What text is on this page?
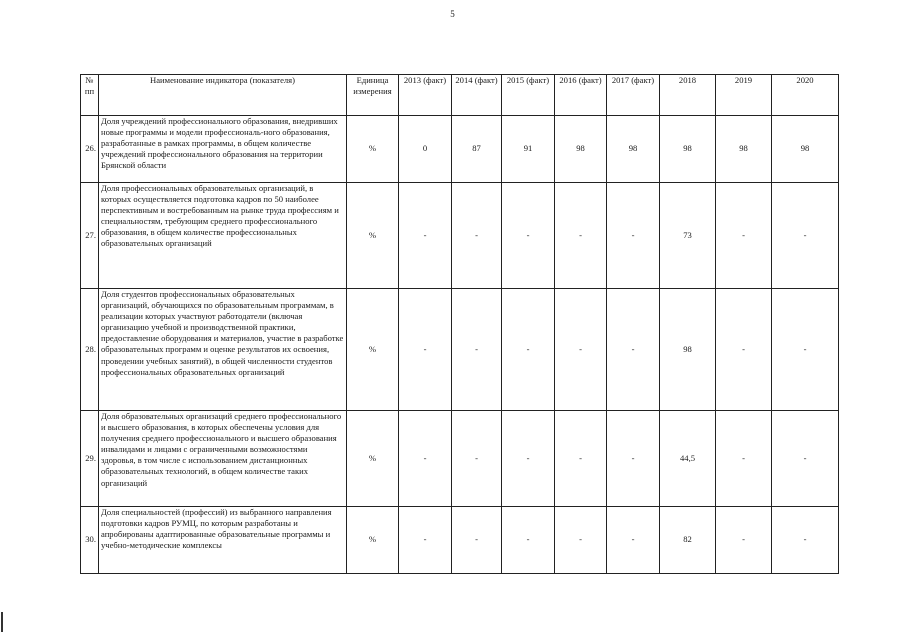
5
№ пп	Наименование индикатора (показателя)	Единица измерения	2013 (факт)	2014 (факт)	2015 (факт)	2016 (факт)	2017 (факт)	2018	2019	2020
26.	Доля учреждений профессионального образования, внедривших новые программы и модели профессиональ-ного образования, разработанные в рамках программы, в общем количестве учреждений профессионального образования на территории Брянской области	%	0	87	91	98	98	98	98	98
27.	Доля профессиональных образовательных организаций, в которых осуществляется подготовка кадров по 50 наиболее перспективным и востребованным на рынке труда профессиям и специальностям, требующим среднего профессионального образования, в общем количестве профессиональных образовательных организаций	%	-	-	-	-	-	73	-	-
28.	Доля студентов профессиональных образовательных организаций, обучающихся по образовательным программам, в реализации которых участвуют работодатели (включая организацию учебной и производственной практики, предоставление оборудования и материалов, участие в разработке образовательных программ и оценке результатов их освоения, проведении учебных занятий), в общей численности студентов профессиональных образовательных организаций	%	-	-	-	-	-	98	-	-
29.	Доля образовательных организаций среднего профессионального и высшего образования, в которых обеспечены условия для получения среднего профессионального и высшего образования инвалидами и лицами с ограниченными возможностями здоровья, в том числе с использованием дистанционных образовательных технологий, в общем количестве таких организаций	%	-	-	-	-	-	44,5	-	-
30.	Доля специальностей (профессий) из выбранного направления подготовки кадров РУМЦ, по которым разработаны и апробированы адаптированные образовательные программы и учебно-методические комплексы	%	-	-	-	-	-	82	-	-
